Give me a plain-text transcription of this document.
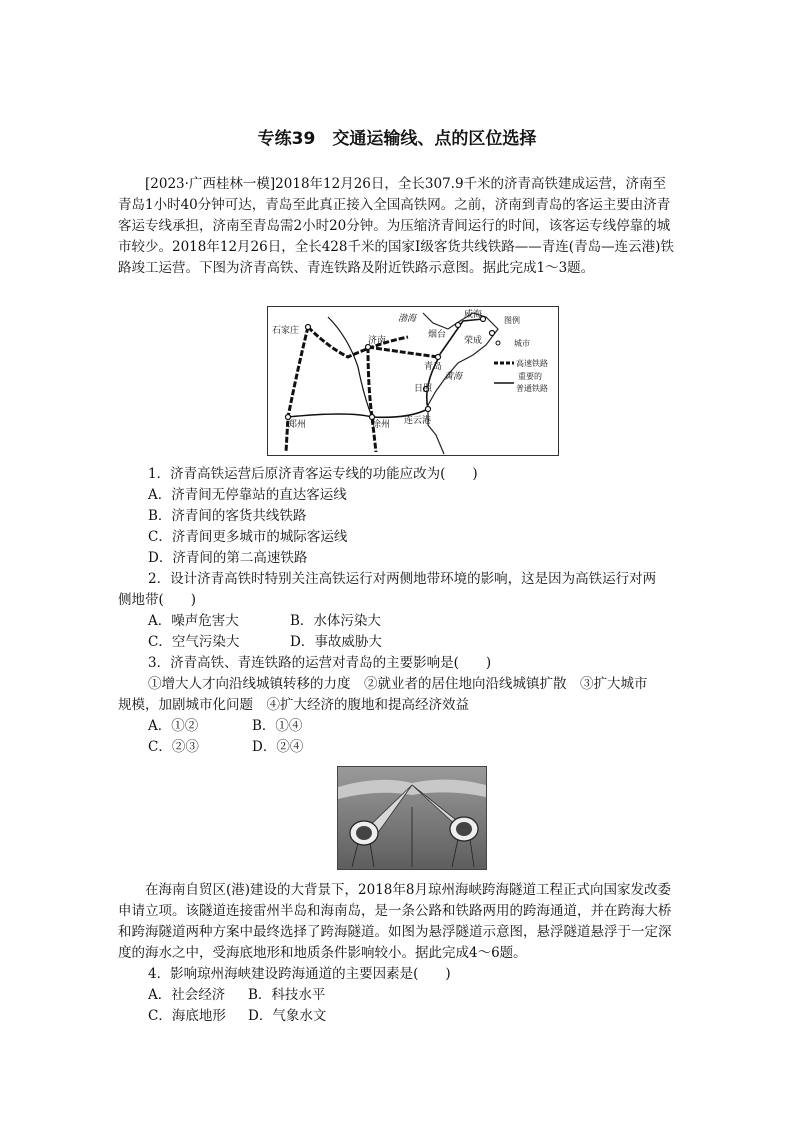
专练39　交通运输线、点的区位选择

[2023·广西桂林一模]2018年12月26日，全长307.9千米的济青高铁建成运营，济南至青岛1小时40分钟可达，青岛至此真正接入全国高铁网。之前，济南到青岛的客运主要由济青客运专线承担，济南至青岛需2小时20分钟。为压缩济青间运行的时间，该客运专线停靠的城市较少。2018年12月26日，全长428千米的国家Ⅰ级客货共线铁路——青连(青岛—连云港)铁路竣工运营。下图为济青高铁、青连铁路及附近铁路示意图。据此完成1～3题。

石家庄
济南
烟台
威海
荣成
青岛
日照
郑州	徐州 连云港
渤海
黄海
图例
城市
高速铁路
重要的
普通铁路
1．济青高铁运营后原济青客运专线的功能应改为(　　)
A．济青间无停靠站的直达客运线
B．济青间的客货共线铁路
C．济青间更多城市的城际客运线
D．济青间的第二高速铁路
2．设计济青高铁时特别关注高铁运行对两侧地带环境的影响，这是因为高铁运行对两
侧地带(　　)
A．噪声危害大	B．水体污染大
C．空气污染大	D．事故威胁大
3．济青高铁、青连铁路的运营对青岛的主要影响是(　　)
①增大人才向沿线城镇转移的力度　②就业者的居住地向沿线城镇扩散　③扩大城市
规模，加剧城市化问题　④扩大经济的腹地和提高经济效益
A．①②	B．①④
C．②③	D．②④

在海南自贸区(港)建设的大背景下，2018年8月琼州海峡跨海隧道工程正式向国家发改委申请立项。该隧道连接雷州半岛和海南岛，是一条公路和铁路两用的跨海通道，并在跨海大桥和跨海隧道两种方案中最终选择了跨海隧道。如图为悬浮隧道示意图，悬浮隧道悬浮于一定深度的海水之中，受海底地形和地质条件影响较小。据此完成4～6题。

4．影响琼州海峡建设跨海通道的主要因素是(　　)
A．社会经济 B．科技水平
C．海底地形 D．气象水文
